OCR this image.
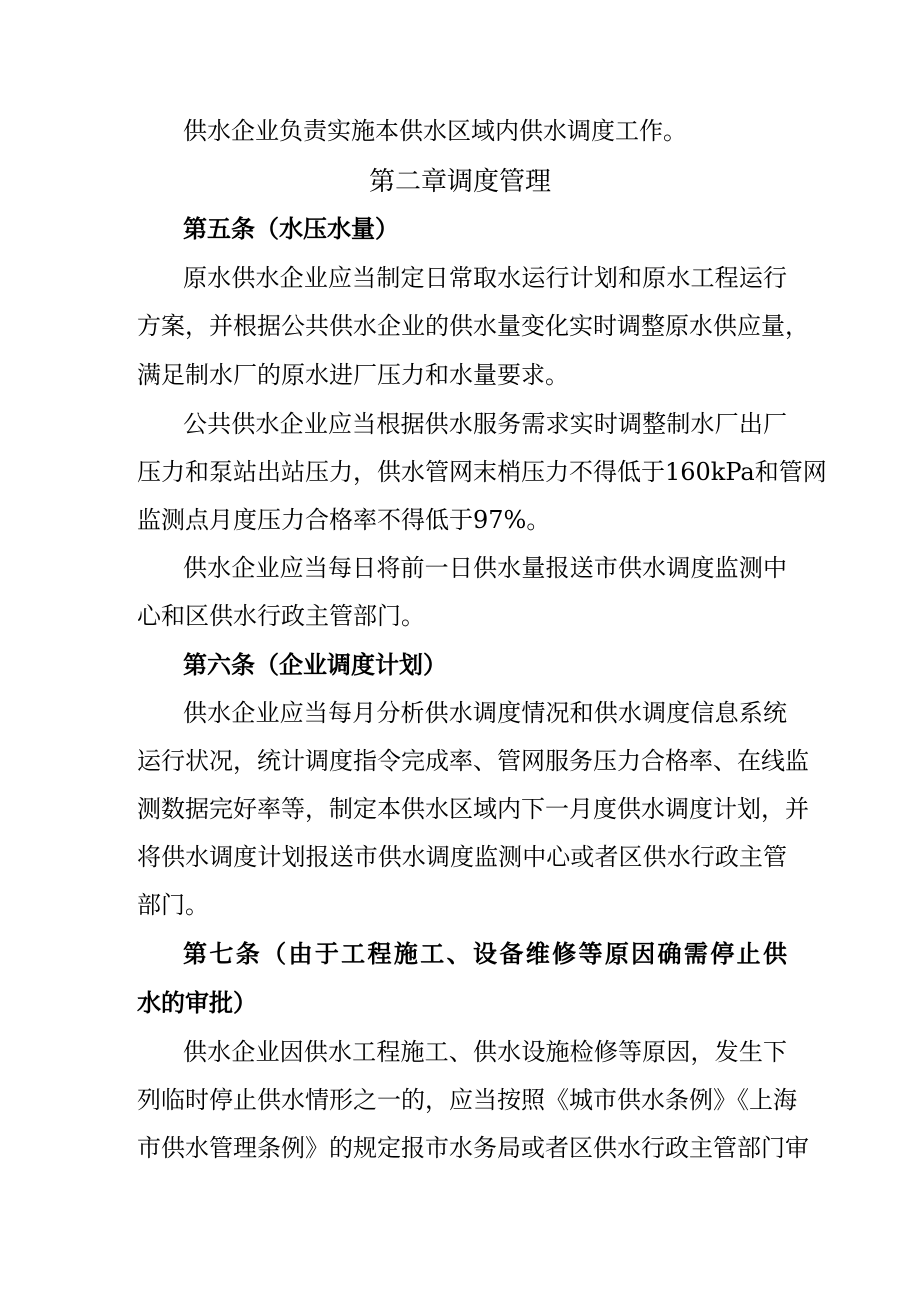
供水企业负责实施本供水区域内供水调度工作。
第二章调度管理
第五条（水压水量）
原水供水企业应当制定日常取水运行计划和原水工程运行
方案，并根据公共供水企业的供水量变化实时调整原水供应量，
满足制水厂的原水进厂压力和水量要求。
公共供水企业应当根据供水服务需求实时调整制水厂出厂
压力和泵站出站压力，供水管网末梢压力不得低于160kPa和管网
监测点月度压力合格率不得低于97%。
供水企业应当每日将前一日供水量报送市供水调度监测中
心和区供水行政主管部门。
第六条（企业调度计划）
供水企业应当每月分析供水调度情况和供水调度信息系统
运行状况，统计调度指令完成率、管网服务压力合格率、在线监
测数据完好率等，制定本供水区域内下一月度供水调度计划，并
将供水调度计划报送市供水调度监测中心或者区供水行政主管
部门。
第七条（由于工程施工、设备维修等原因确需停止供
水的审批）
供水企业因供水工程施工、供水设施检修等原因，发生下
列临时停止供水情形之一的，应当按照《城市供水条例》《上海
市供水管理条例》的规定报市水务局或者区供水行政主管部门审
